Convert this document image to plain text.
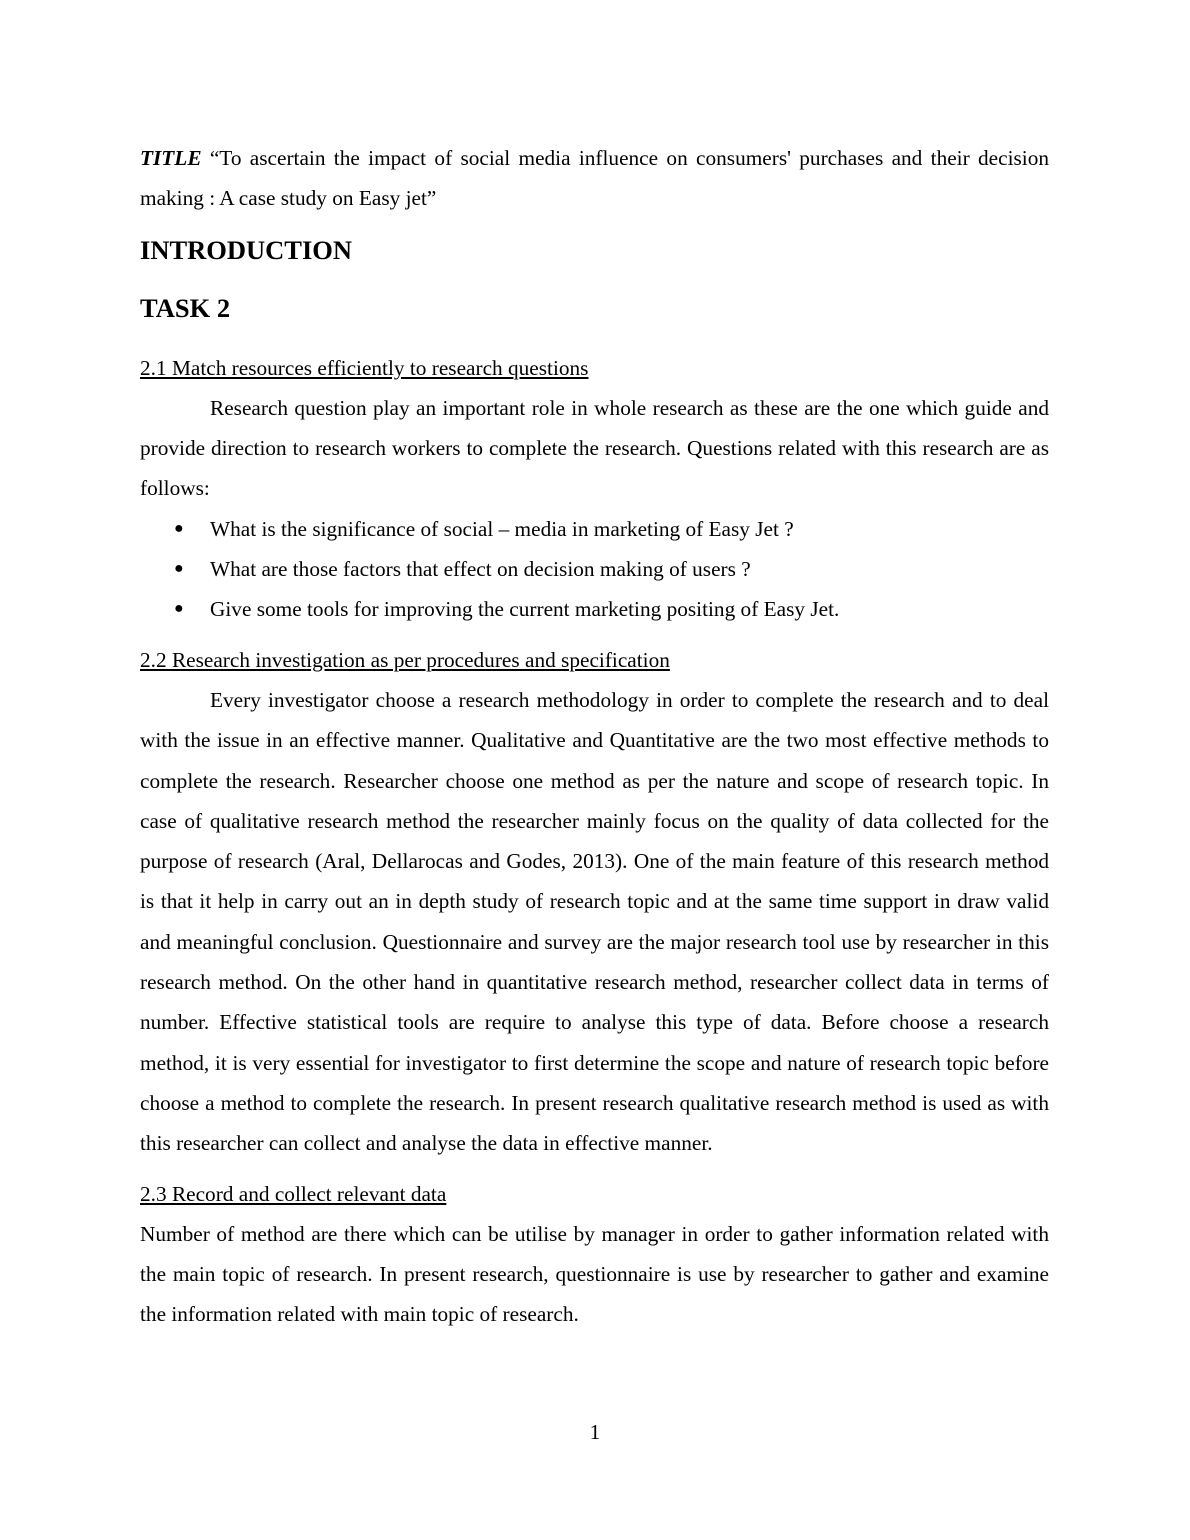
TITLE “To ascertain the impact of social media influence on consumers' purchases and their decision making : A case study on Easy jet”

INTRODUCTION
TASK 2

2.1 Match resources efficiently to research questions

Research question play an important role in whole research as these are the one which guide and provide direction to research workers to complete the research. Questions related with this research are as follows:

● What is the significance of social – media in marketing of Easy Jet ?
● What are those factors that effect on decision making of users ?
● Give some tools for improving the current marketing positing of Easy Jet.

2.2 Research investigation as per procedures and specification

Every investigator choose a research methodology in order to complete the research and to deal with the issue in an effective manner. Qualitative and Quantitative are the two most effective methods to complete the research. Researcher choose one method as per the nature and scope of research topic. In case of qualitative research method the researcher mainly focus on the quality of data collected for the purpose of research (Aral, Dellarocas and Godes, 2013). One of the main feature of this research method is that it help in carry out an in depth study of research topic and at the same time support in draw valid and meaningful conclusion. Questionnaire and survey are the major research tool use by researcher in this research method. On the other hand in quantitative research method, researcher collect data in terms of number. Effective statistical tools are require to analyse this type of data. Before choose a research method, it is very essential for investigator to first determine the scope and nature of research topic before choose a method to complete the research. In present research qualitative research method is used as with this researcher can collect and analyse the data in effective manner.

2.3 Record and collect relevant data

Number of method are there which can be utilise by manager in order to gather information related with the main topic of research. In present research, questionnaire is use by researcher to gather and examine the information related with main topic of research.

1
